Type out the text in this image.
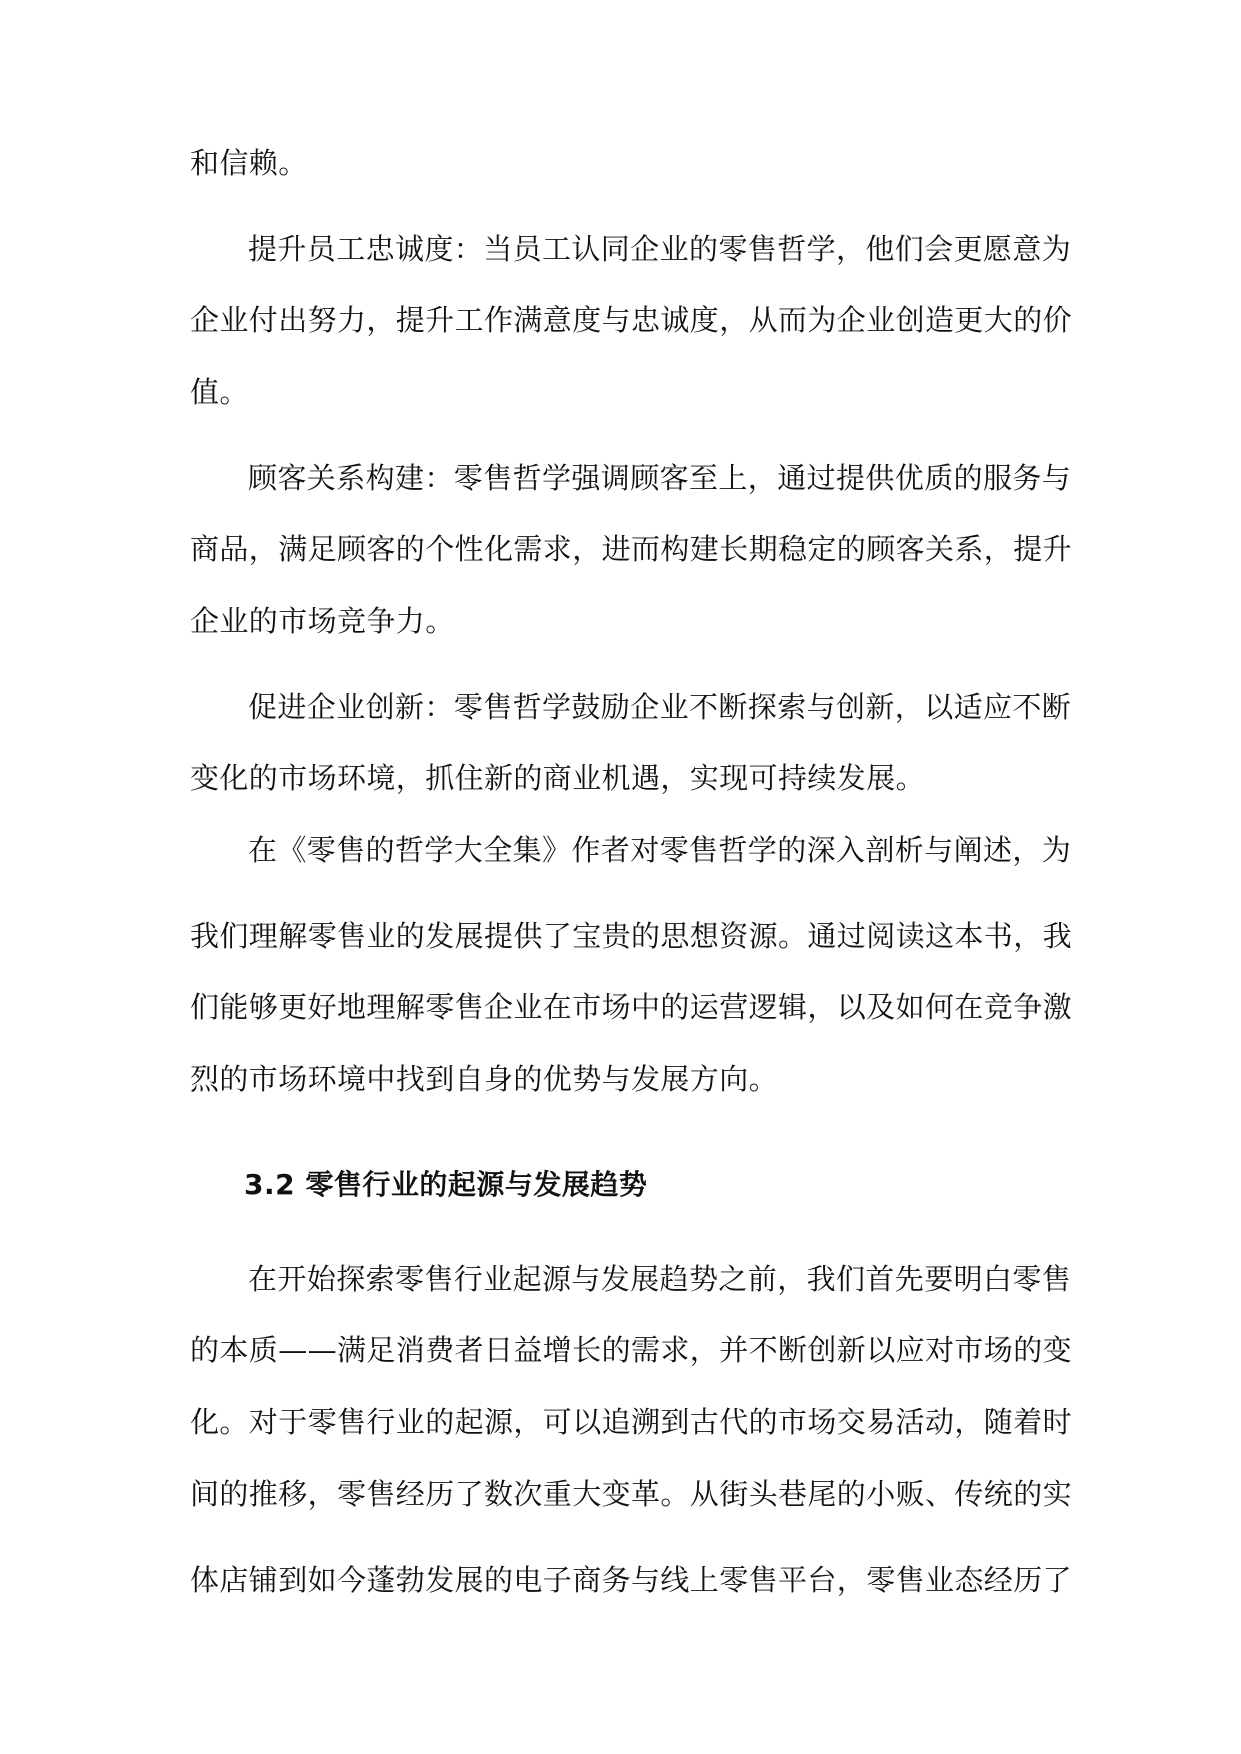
和信赖。
提升员工忠诚度：当员工认同企业的零售哲学，他们会更愿意为
企业付出努力，提升工作满意度与忠诚度，从而为企业创造更大的价
值。
顾客关系构建：零售哲学强调顾客至上，通过提供优质的服务与
商品，满足顾客的个性化需求，进而构建长期稳定的顾客关系，提升
企业的市场竞争力。
促进企业创新：零售哲学鼓励企业不断探索与创新，以适应不断
变化的市场环境，抓住新的商业机遇，实现可持续发展。
在《零售的哲学大全集》作者对零售哲学的深入剖析与阐述，为
我们理解零售业的发展提供了宝贵的思想资源。通过阅读这本书，我
们能够更好地理解零售企业在市场中的运营逻辑，以及如何在竞争激
烈的市场环境中找到自身的优势与发展方向。
3.2 零售行业的起源与发展趋势
在开始探索零售行业起源与发展趋势之前，我们首先要明白零售
的本质——满足消费者日益增长的需求，并不断创新以应对市场的变
化。对于零售行业的起源，可以追溯到古代的市场交易活动，随着时
间的推移，零售经历了数次重大变革。从街头巷尾的小贩、传统的实
体店铺到如今蓬勃发展的电子商务与线上零售平台，零售业态经历了
